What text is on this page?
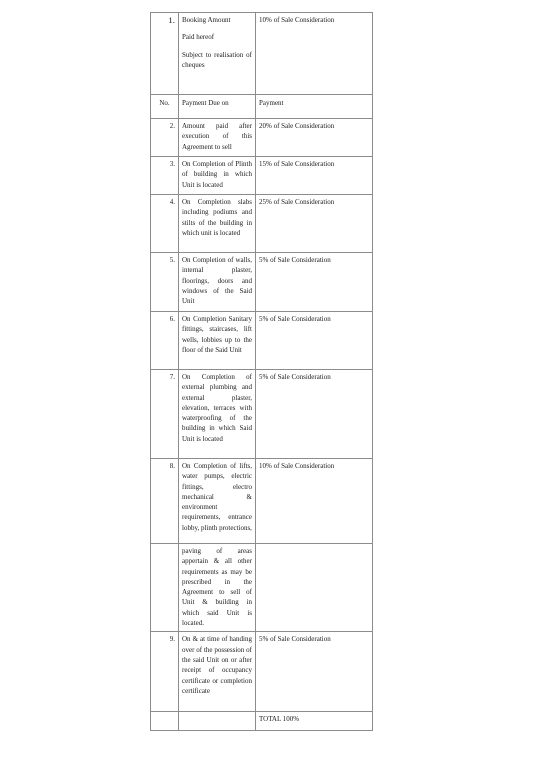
1.	Booking Amount

Paid hereof

Subject to realisation of cheques	10% of Sale Consideration
No.	Payment Due on	Payment
2.	Amount paid after execution of this Agreement to sell	20% of Sale Consideration
3.	On Completion of Plinth of building in which Unit is located	15% of Sale Consideration
4.	On Completion slabs including podiums and stilts of the building in which unit is located	25% of Sale Consideration
5.	On Completion of walls, internal plaster, floorings, doors and windows of the Said Unit	5% of Sale Consideration
6.	On Completion Sanitary fittings, staircases, lift wells, lobbies up to the floor of the Said Unit	5% of Sale Consideration
7.	On Completion of external plumbing and external plaster, elevation, terraces with waterproofing of the building in which Said Unit is located	5% of Sale Consideration
8.	On Completion of lifts, water pumps, electric fittings, electro mechanical & environment requirements, entrance lobby, plinth protections,	10% of Sale Consideration
	paving of areas appertain & all other requirements as may be prescribed in the Agreement to sell of Unit & building in which said Unit is located.	
9.	On & at time of handing over of the possession of the said Unit on or after receipt of occupancy certificate or completion certificate	5% of Sale Consideration
		TOTAL 100%
